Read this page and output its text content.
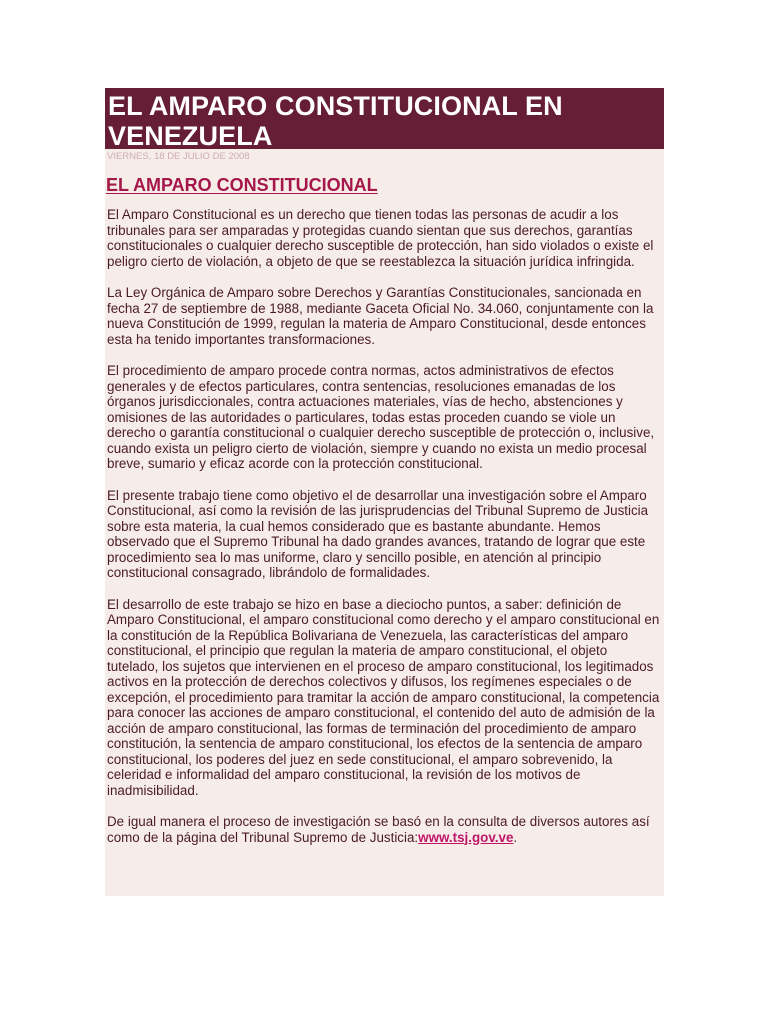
EL AMPARO CONSTITUCIONAL EN VENEZUELA
VIERNES, 18 DE JULIO DE 2008
EL AMPARO CONSTITUCIONAL

El Amparo Constitucional es un derecho que tienen todas las personas de acudir a los tribunales para ser amparadas y protegidas cuando sientan que sus derechos, garantías constitucionales o cualquier derecho susceptible de protección, han sido violados o existe el peligro cierto de violación, a objeto de que se reestablezca la situación jurídica infringida.

La Ley Orgánica de Amparo sobre Derechos y Garantías Constitucionales, sancionada en fecha 27 de septiembre de 1988, mediante Gaceta Oficial No. 34.060, conjuntamente con la nueva Constitución de 1999, regulan la materia de Amparo Constitucional, desde entonces esta ha tenido importantes transformaciones.

El procedimiento de amparo procede contra normas, actos administrativos de efectos generales y de efectos particulares, contra sentencias, resoluciones emanadas de los órganos jurisdiccionales, contra actuaciones materiales, vías de hecho, abstenciones y omisiones de las autoridades o particulares, todas estas proceden cuando se viole un derecho o garantía constitucional o cualquier derecho susceptible de protección o, inclusive, cuando exista un peligro cierto de violación, siempre y cuando no exista un medio procesal breve, sumario y eficaz acorde con la protección constitucional.

El presente trabajo tiene como objetivo el de desarrollar una investigación sobre el Amparo Constitucional, así como la revisión de las jurisprudencias del Tribunal Supremo de Justicia sobre esta materia, la cual hemos considerado que es bastante abundante. Hemos observado que el Supremo Tribunal ha dado grandes avances, tratando de lograr que este procedimiento sea lo mas uniforme, claro y sencillo posible, en atención al principio constitucional consagrado, librándolo de formalidades.

El desarrollo de este trabajo se hizo en base a dieciocho puntos, a saber: definición de Amparo Constitucional, el amparo constitucional como derecho y el amparo constitucional en la constitución de la República Bolivariana de Venezuela, las características del amparo constitucional, el principio que regulan la materia de amparo constitucional, el objeto tutelado, los sujetos que intervienen en el proceso de amparo constitucional, los legitimados activos en la protección de derechos colectivos y difusos, los regímenes especiales o de excepción, el procedimiento para tramitar la acción de amparo constitucional, la competencia para conocer las acciones de amparo constitucional, el contenido del auto de admisión de la acción de amparo constitucional, las formas de terminación del procedimiento de amparo constitución, la sentencia de amparo constitucional, los efectos de la sentencia de amparo constitucional, los poderes del juez en sede constitucional, el amparo sobrevenido, la celeridad e informalidad del amparo constitucional, la revisión de los motivos de inadmisibilidad.

De igual manera el proceso de investigación se basó en la consulta de diversos autores así como de la página del Tribunal Supremo de Justicia:www.tsj.gov.ve.
